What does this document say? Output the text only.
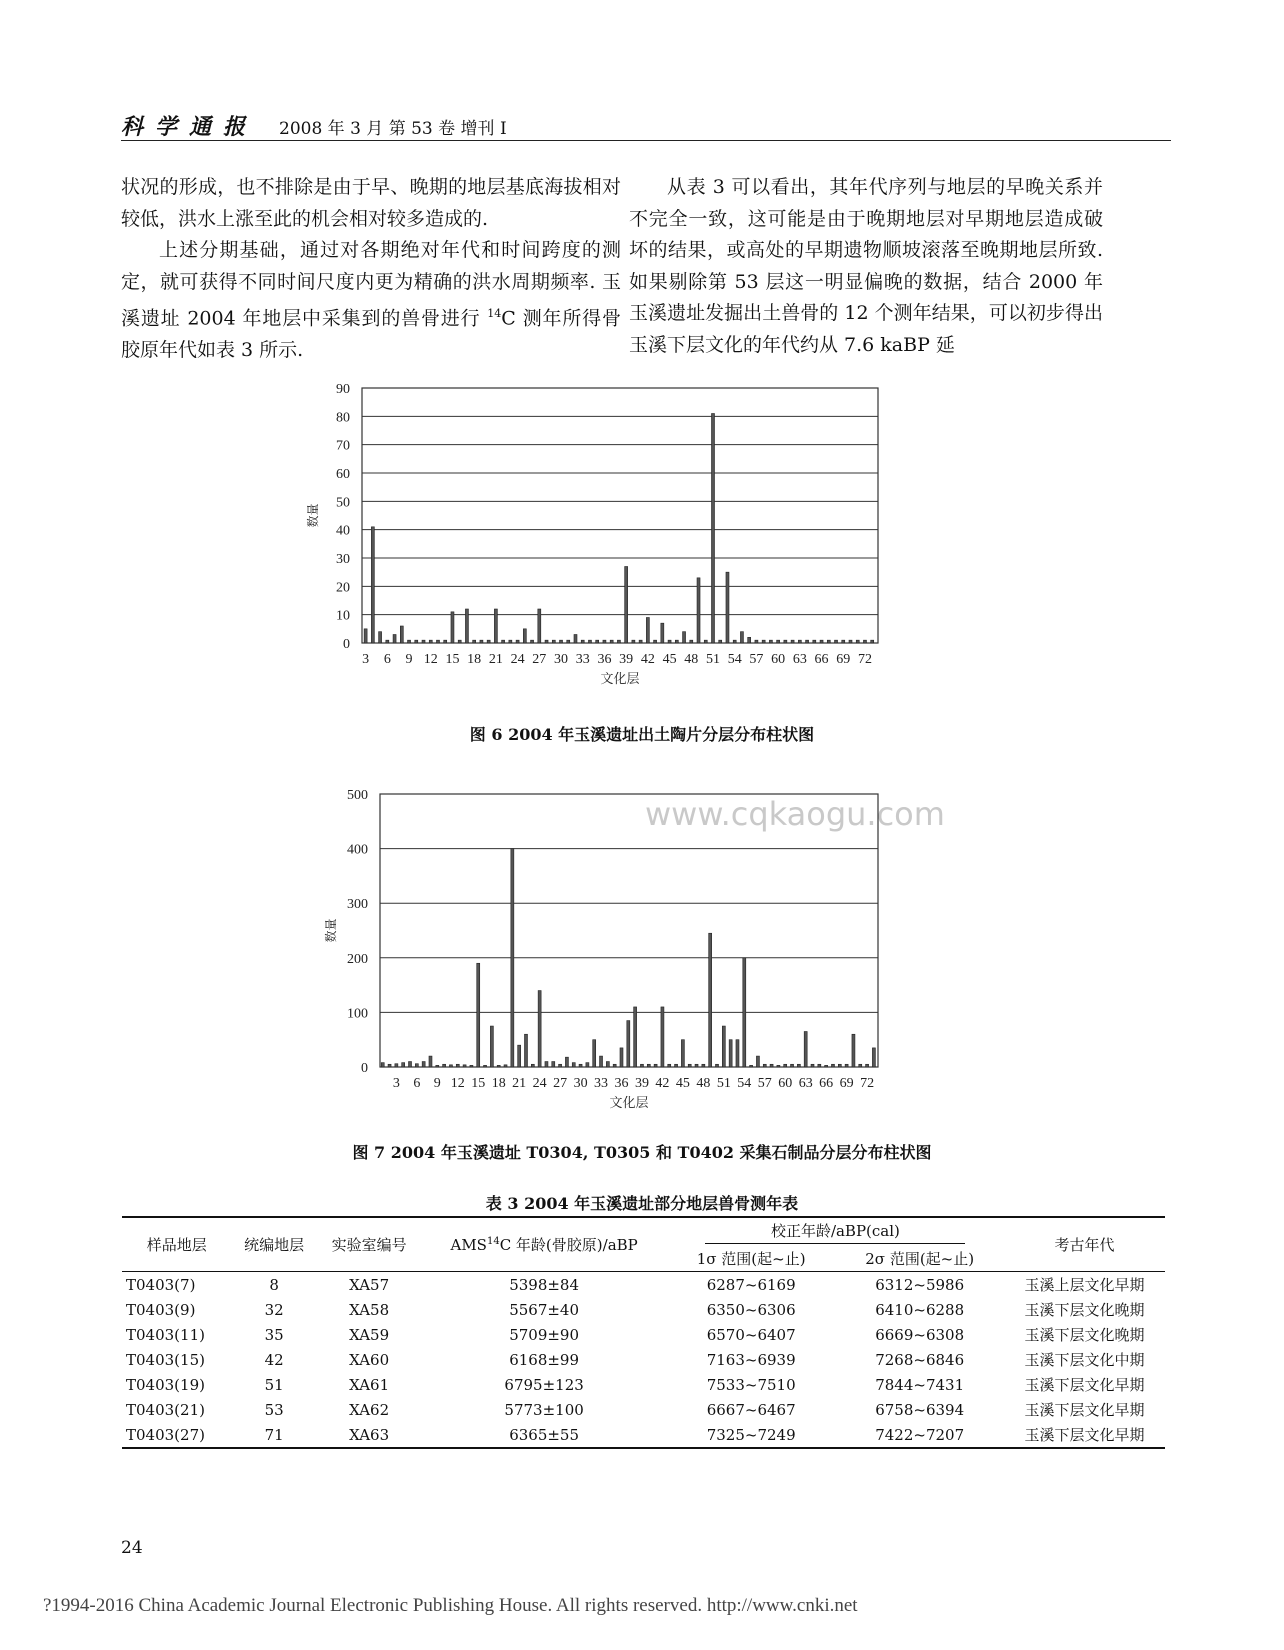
科学通报 2008 年 3 月 第 53 卷 增刊 I

状况的形成，也不排除是由于早、晚期的地层基底海拔相对较低，洪水上涨至此的机会相对较多造成的.

上述分期基础，通过对各期绝对年代和时间跨度的测定，就可获得不同时间尺度内更为精确的洪水周期频率. 玉溪遗址 2004 年地层中采集到的兽骨进行 $^{14}$C 测年所得骨胶原年代如表 3 所示.

从表 3 可以看出，其年代序列与地层的早晚关系并不完全一致，这可能是由于晚期地层对早期地层造成破坏的结果，或高处的早期遗物顺坡滚落至晚期地层所致. 如果剔除第 53 层这一明显偏晚的数据，结合 2000 年玉溪遗址发掘出土兽骨的 12 个测年结果，可以初步得出玉溪下层文化的年代约从 7.6 kaBP 延

0
10
20
30
40
50
60
70
80
90
3 6 9 12 15 18 21 24 27 30 33 36 39 42 45 48 51 54 57 60 63 66 69 72
文化层
数量
图 6 2004 年玉溪遗址出土陶片分层分布柱状图
www.cqkaogu.com
0
100
200
300
400
500
3 6 9 12 15 18 21 24 27 30 33 36 39 42 45 48 51 54 57 60 63 66 69 72
文化层
数量
图 7 2004 年玉溪遗址 T0304, T0305 和 T0402 采集石制品分层分布柱状图
表 3 2004 年玉溪遗址部分地层兽骨测年表
样品地层	统编地层	实验室编号	AMS$^{14}$C 年龄(骨胶原)/aBP	校正年龄/aBP(cal)		考古年代
				1σ 范围(起~止)	2σ 范围(起~止)	
T0403(7)	8	XA57	5398±84	6287~6169	6312~5986	玉溪上层文化早期
T0403(9)	32	XA58	5567±40	6350~6306	6410~6288	玉溪下层文化晚期
T0403(11)	35	XA59	5709±90	6570~6407	6669~6308	玉溪下层文化晚期
T0403(15)	42	XA60	6168±99	7163~6939	7268~6846	玉溪下层文化中期
T0403(19)	51	XA61	6795±123	7533~7510	7844~7431	玉溪下层文化早期
T0403(21)	53	XA62	5773±100	6667~6467	6758~6394	玉溪下层文化早期
T0403(27)	71	XA63	6365±55	7325~7249	7422~7207	玉溪下层文化早期
24
?1994-2016 China Academic Journal Electronic Publishing House. All rights reserved. http://www.cnki.net
